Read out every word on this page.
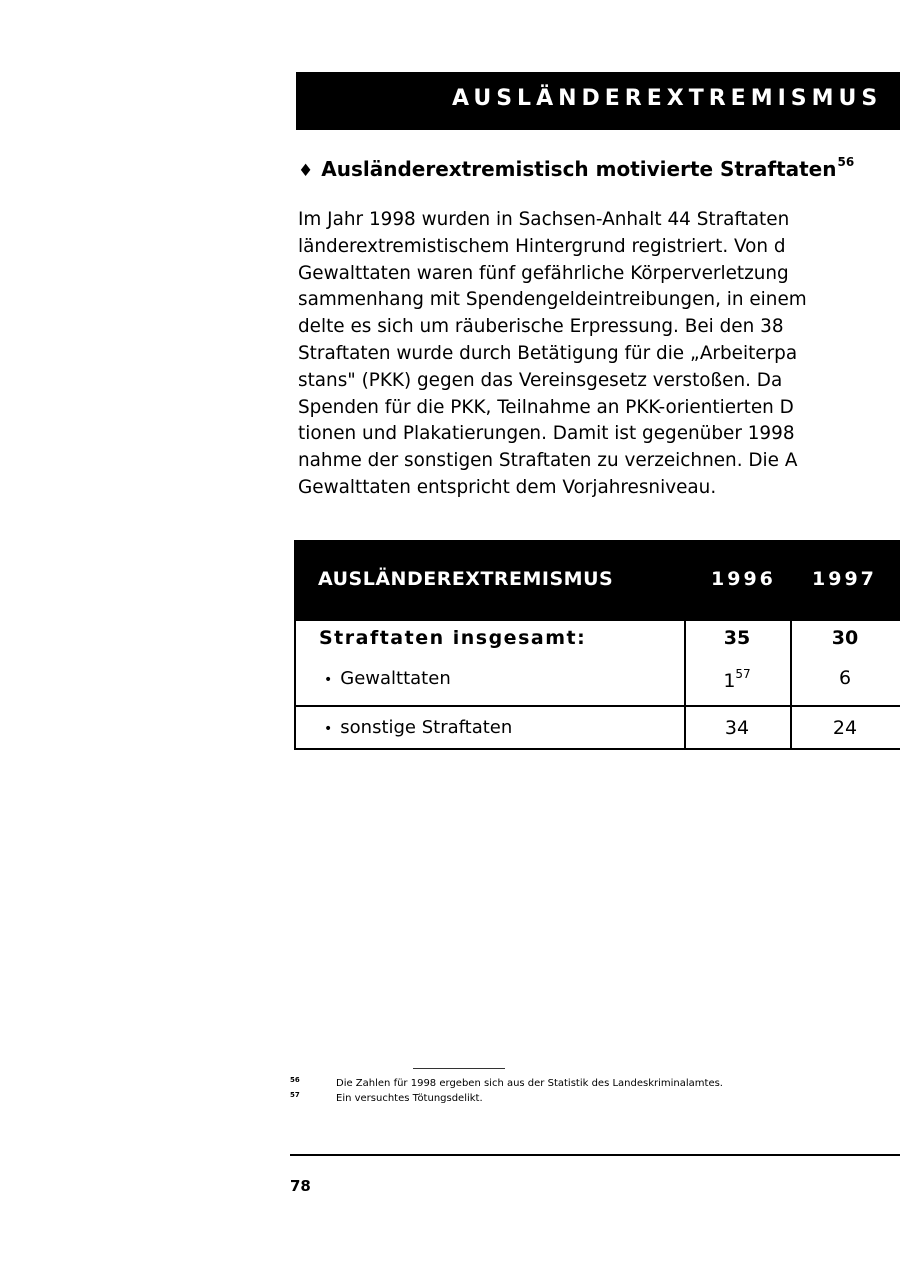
AUSLÄNDEREXTREMISMUS
♦ Ausländerextremistisch motivierte Straftaten$^{56}$
Im Jahr 1998 wurden in Sachsen-Anhalt 44 Straftaten
länderextremistischem Hintergrund registriert. Von d
Gewalttaten waren fünf gefährliche Körperverletzung
sammenhang mit Spendengeldeintreibungen, in einem
delte es sich um räuberische Erpressung. Bei den 38
Straftaten wurde durch Betätigung für die „Arbeiterpa
stans" (PKK) gegen das Vereinsgesetz verstoßen. Da
Spenden für die PKK, Teilnahme an PKK-orientierten D
tionen und Plakatierungen. Damit ist gegenüber 1998
nahme der sonstigen Straftaten zu verzeichnen. Die A
Gewalttaten entspricht dem Vorjahresniveau.
AUSLÄNDEREXTREMISMUS	1996 1997
Straftaten insgesamt:	35	30
• Gewalttaten	$1^{57}$	6
• sonstige Straftaten	34	24
56	Die Zahlen für 1998 ergeben sich aus der Statistik des Landeskriminalamtes.
57	Ein versuchtes Tötungsdelikt.
78
